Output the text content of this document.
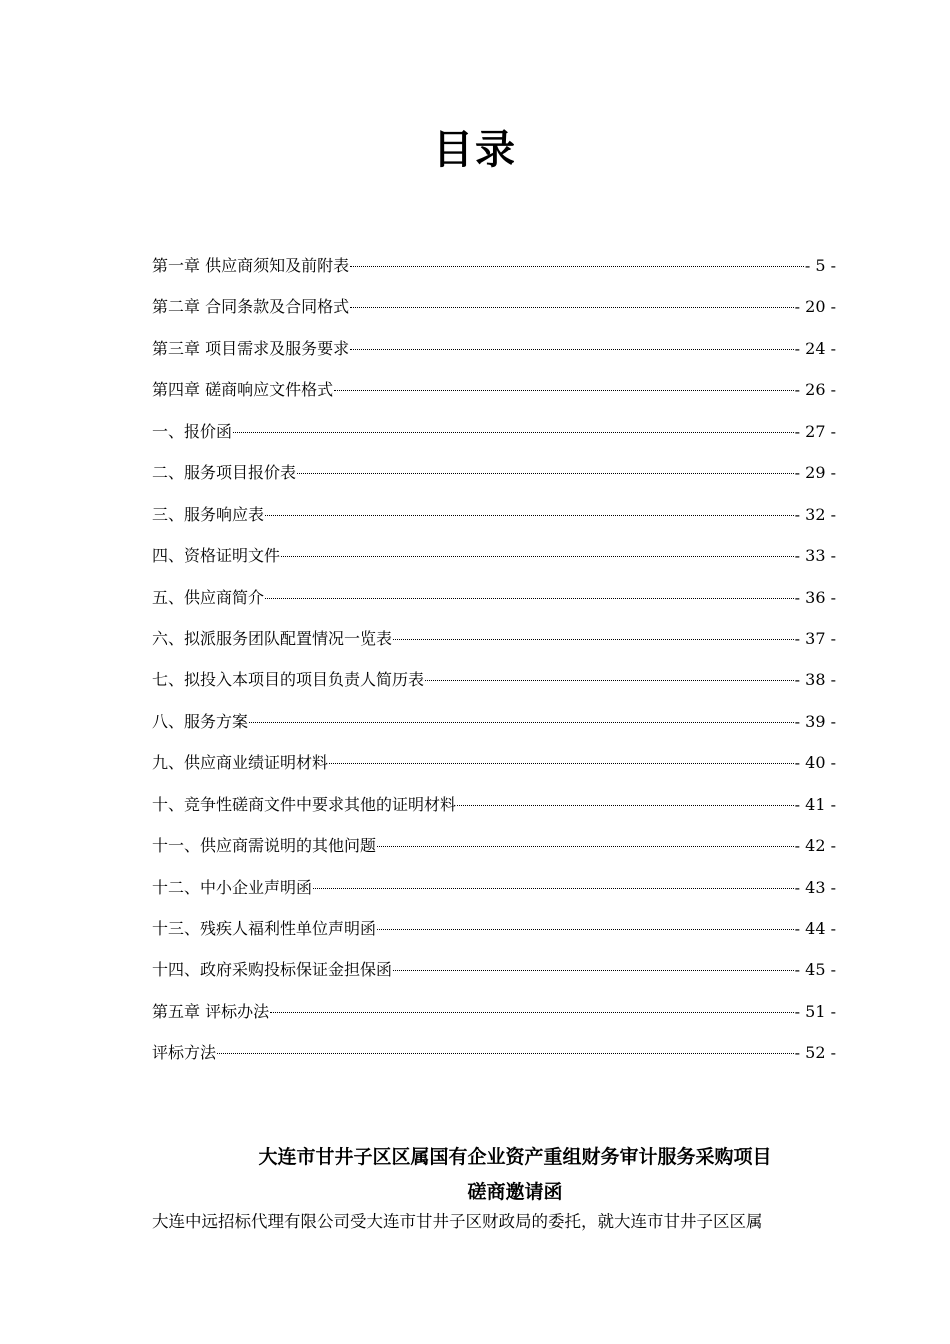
目录
第一章 供应商须知及前附表	- 5 -
第二章 合同条款及合同格式	- 20 -
第三章 项目需求及服务要求	- 24 -
第四章 磋商响应文件格式	- 26 -
一、报价函	- 27 -
二、服务项目报价表	- 29 -
三、服务响应表	- 32 -
四、资格证明文件	- 33 -
五、供应商简介	- 36 -
六、拟派服务团队配置情况一览表	- 37 -
七、拟投入本项目的项目负责人简历表	- 38 -
八、服务方案	- 39 -
九、供应商业绩证明材料	- 40 -
十、竞争性磋商文件中要求其他的证明材料	- 41 -
十一、供应商需说明的其他问题	- 42 -
十二、中小企业声明函	- 43 -
十三、残疾人福利性单位声明函	- 44 -
十四、政府采购投标保证金担保函	- 45 -
第五章 评标办法	- 51 -
评标方法	- 52 -
大连市甘井子区区属国有企业资产重组财务审计服务采购项目
磋商邀请函
大连中远招标代理有限公司受大连市甘井子区财政局的委托，就大连市甘井子区区属
